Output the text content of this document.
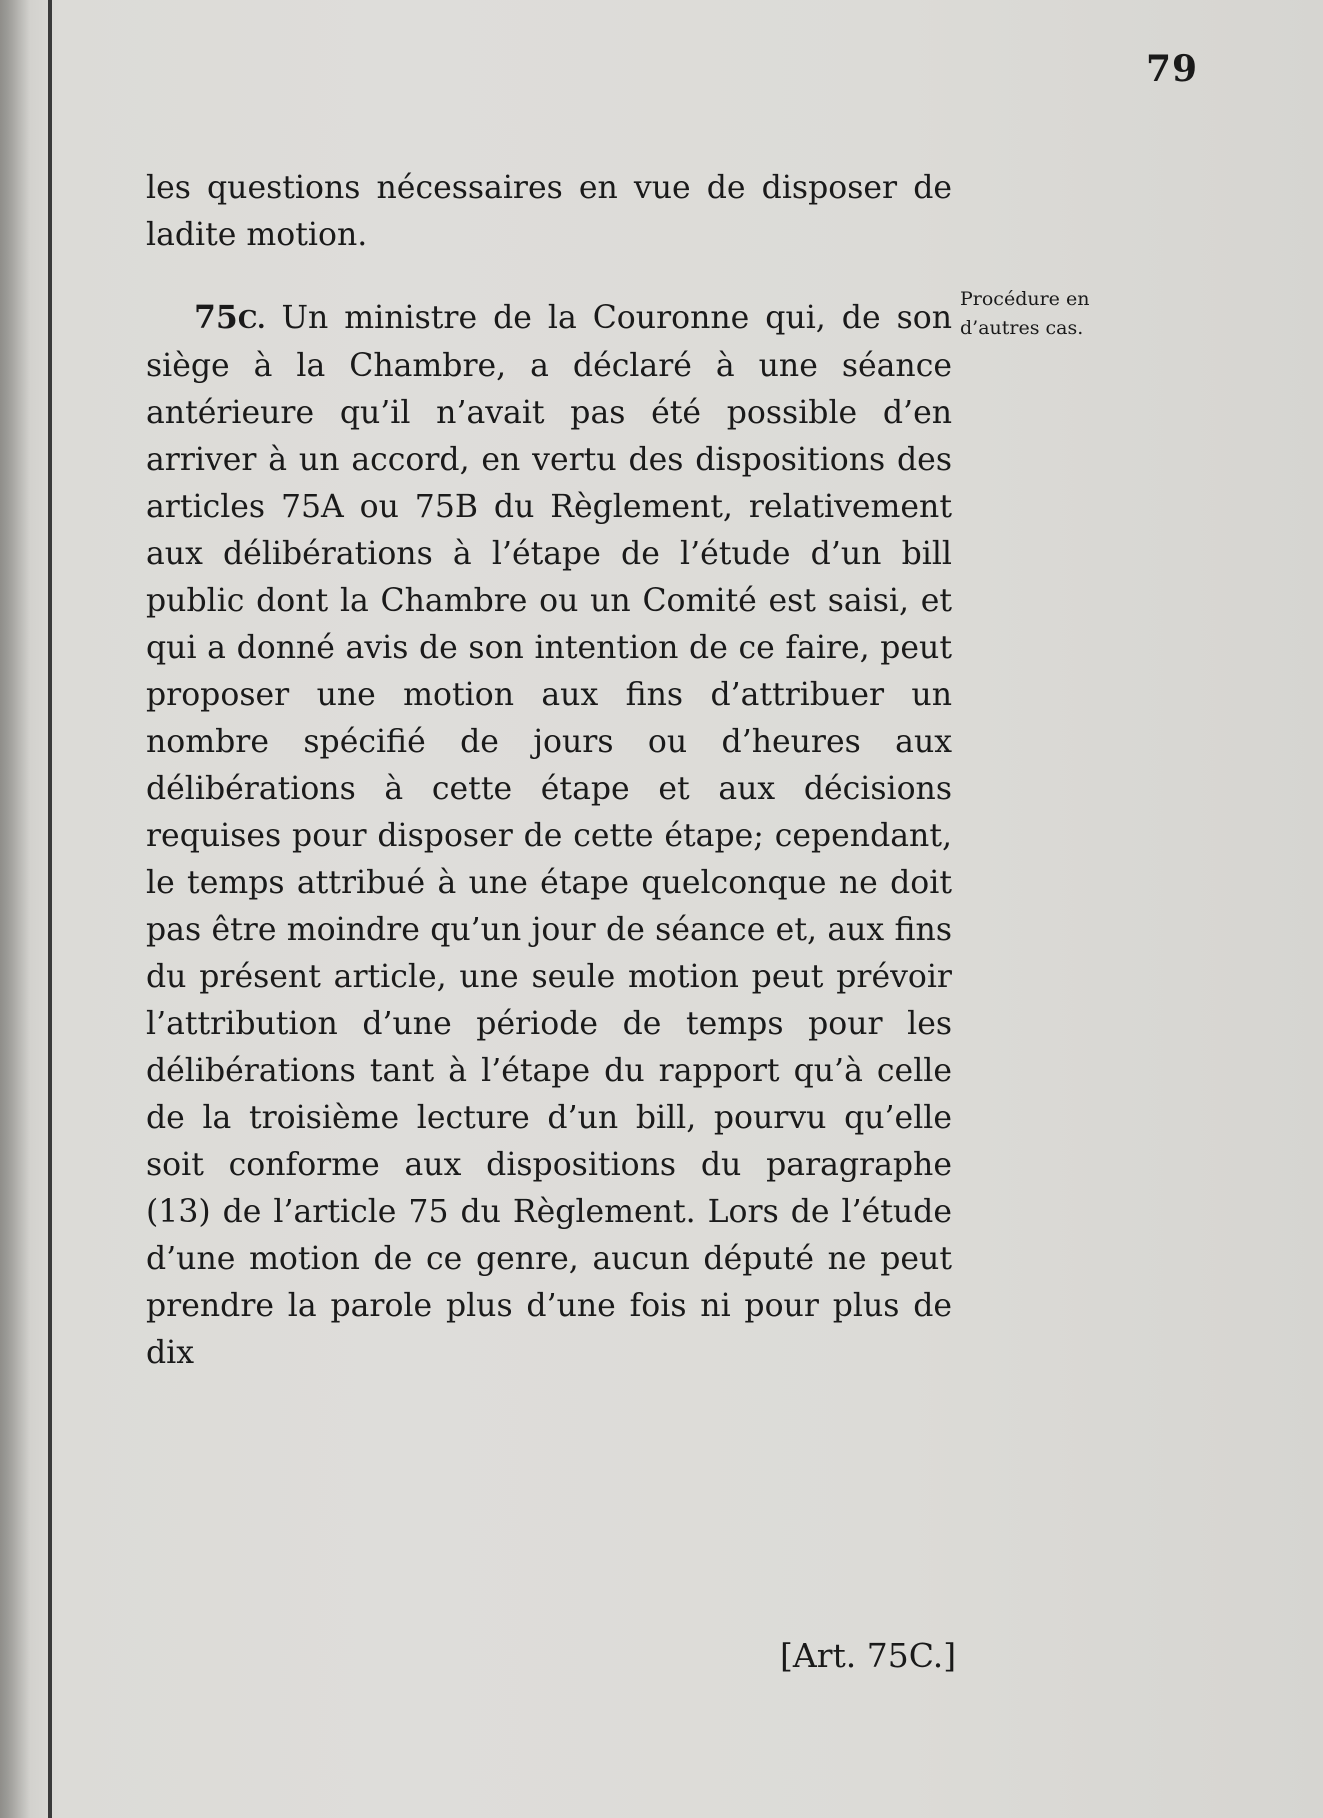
79
les questions nécessaires en vue de disposer de ladite motion.
75C. Un ministre de la Couronne qui, de son siège à la Chambre, a déclaré à une séance antérieure qu’il n’avait pas été possible d’en arriver à un accord, en vertu des dispositions des articles 75A ou 75B du Règlement, relativement aux délibérations à l’étape de l’étude d’un bill public dont la Chambre ou un Comité est saisi, et qui a donné avis de son intention de ce faire, peut proposer une motion aux fins d’attribuer un nombre spécifié de jours ou d’heures aux délibérations à cette étape et aux décisions requises pour disposer de cette étape; cependant, le temps attribué à une étape quelconque ne doit pas être moindre qu’un jour de séance et, aux fins du présent article, une seule motion peut prévoir l’attribution d’une période de temps pour les délibérations tant à l’étape du rapport qu’à celle de la troisième lecture d’un bill, pourvu qu’elle soit conforme aux dispositions du paragraphe (13) de l’article 75 du Règlement. Lors de l’étude d’une motion de ce genre, aucun député ne peut prendre la parole plus d’une fois ni pour plus de dix
Procédure en
d’autres cas.
[Art. 75C.]
